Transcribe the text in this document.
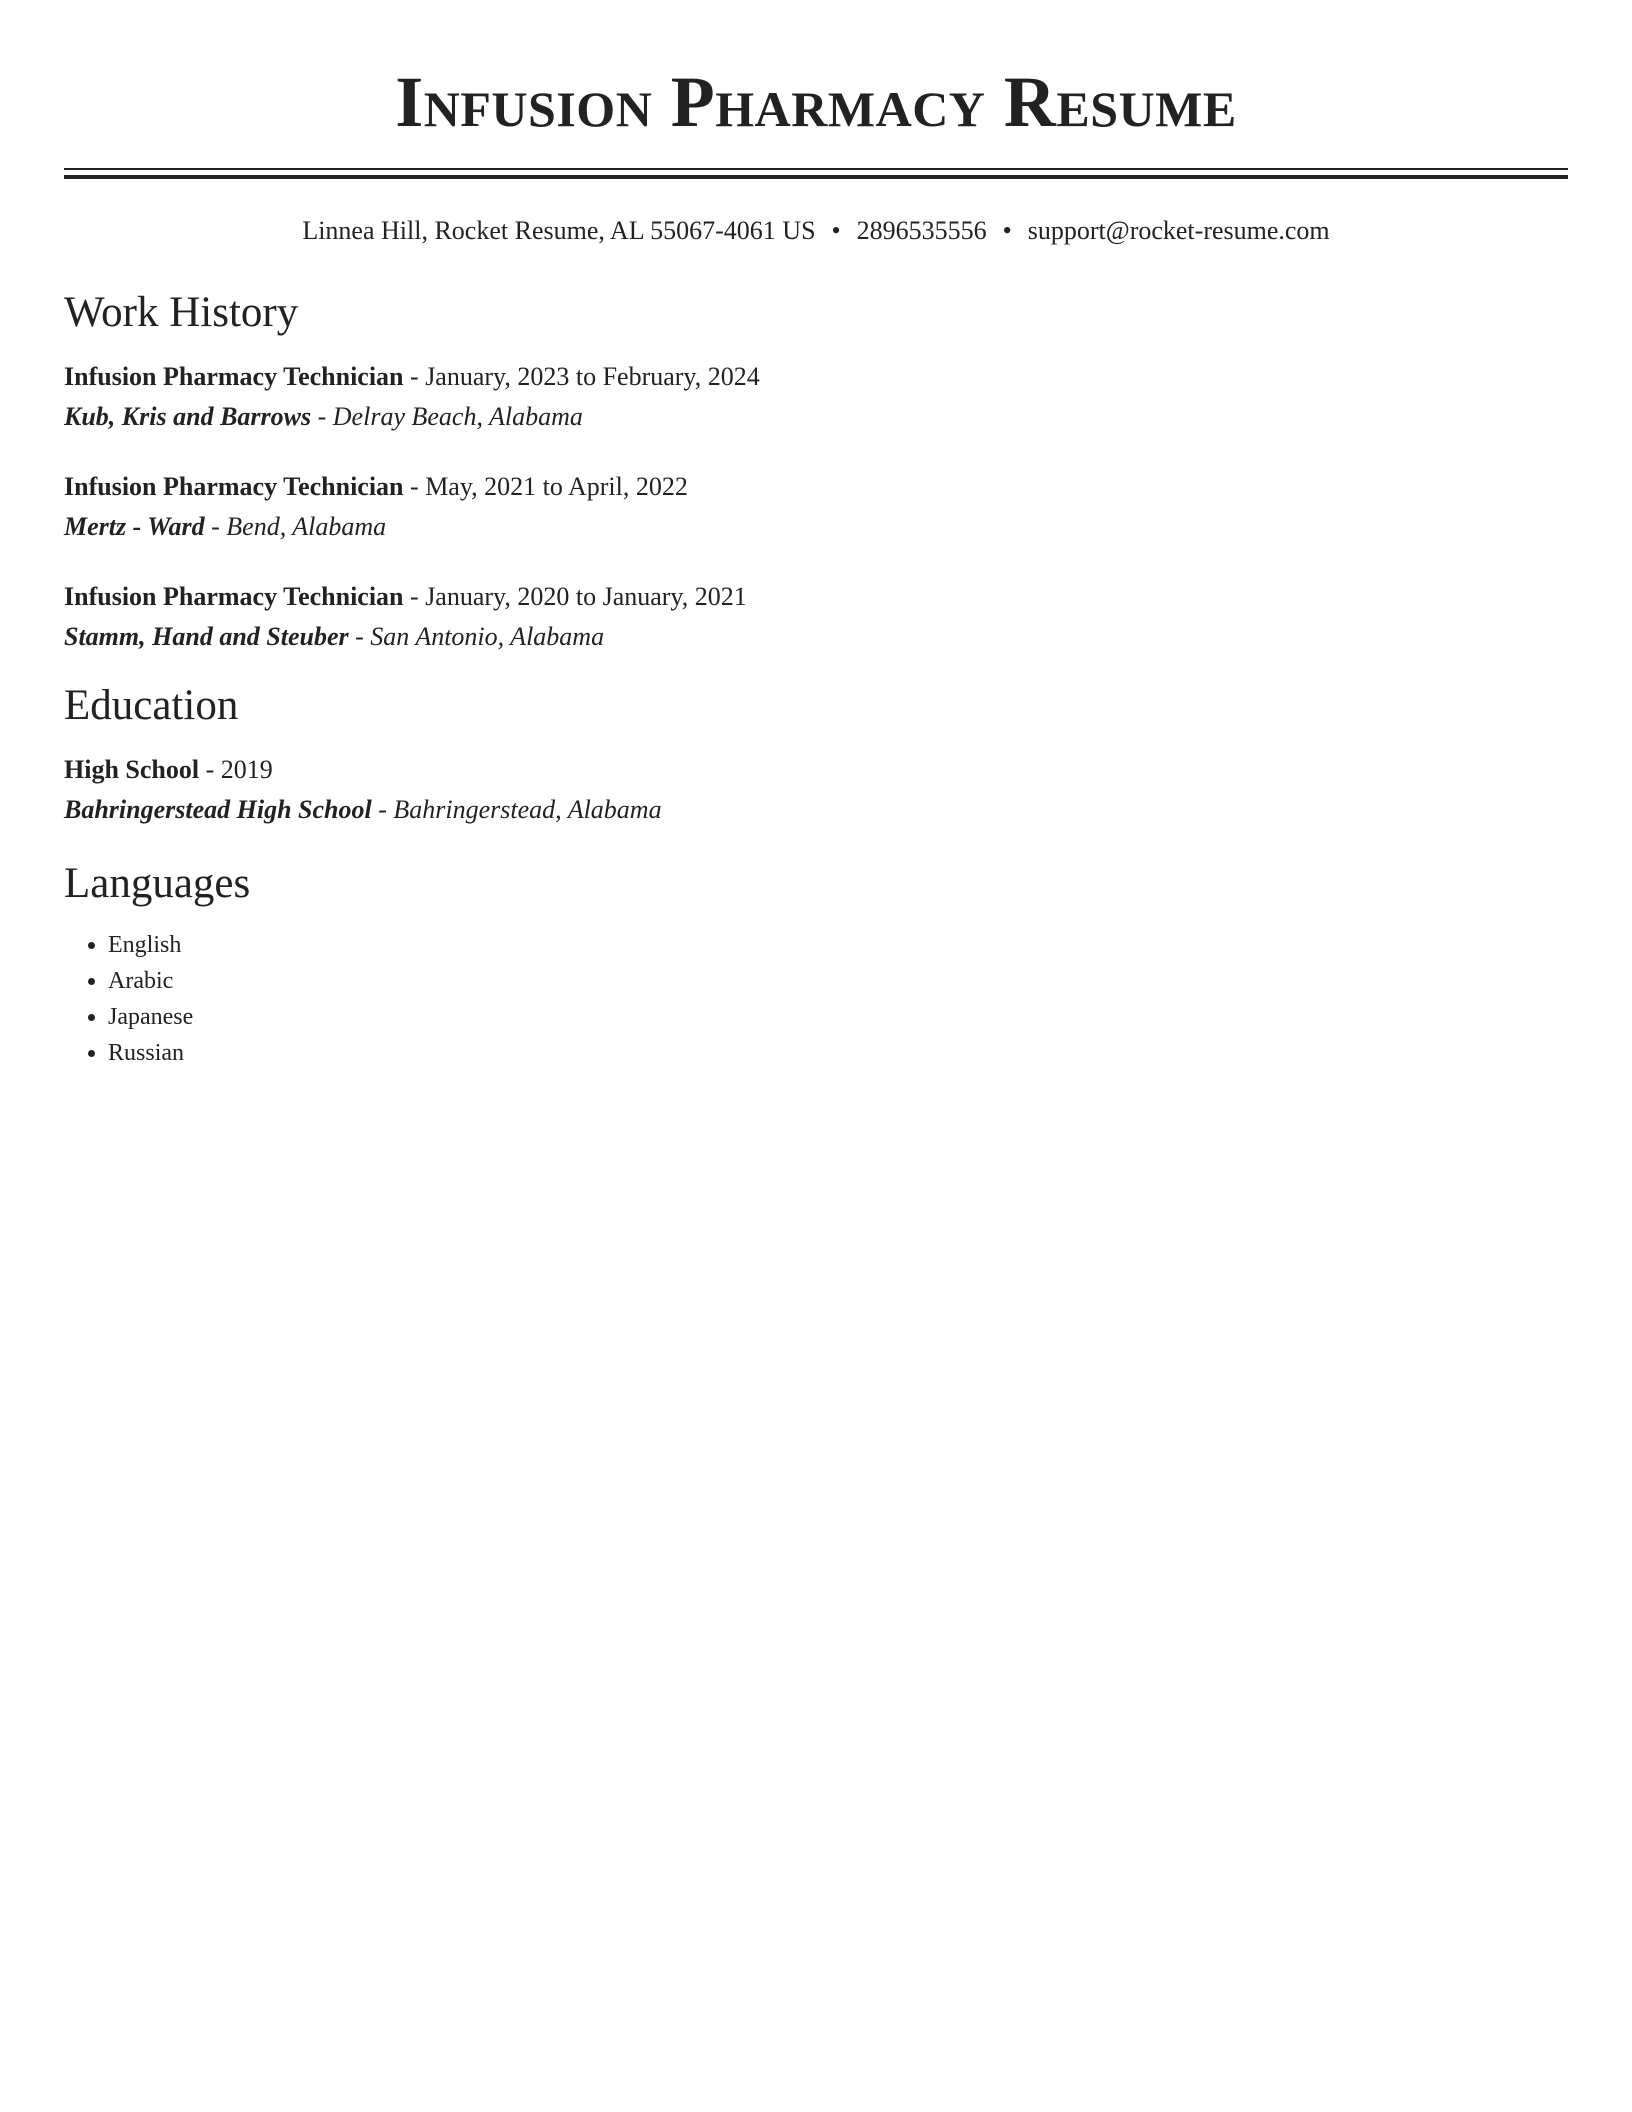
Infusion Pharmacy Resume
Linnea Hill, Rocket Resume, AL 55067-4061 US • 2896535556 • support@rocket-resume.com
Work History
Infusion Pharmacy Technician - January, 2023 to February, 2024
Kub, Kris and Barrows - Delray Beach, Alabama
Infusion Pharmacy Technician - May, 2021 to April, 2022
Mertz - Ward - Bend, Alabama
Infusion Pharmacy Technician - January, 2020 to January, 2021
Stamm, Hand and Steuber - San Antonio, Alabama
Education
High School - 2019
Bahringerstead High School - Bahringerstead, Alabama
Languages
• English
• Arabic
• Japanese
• Russian
